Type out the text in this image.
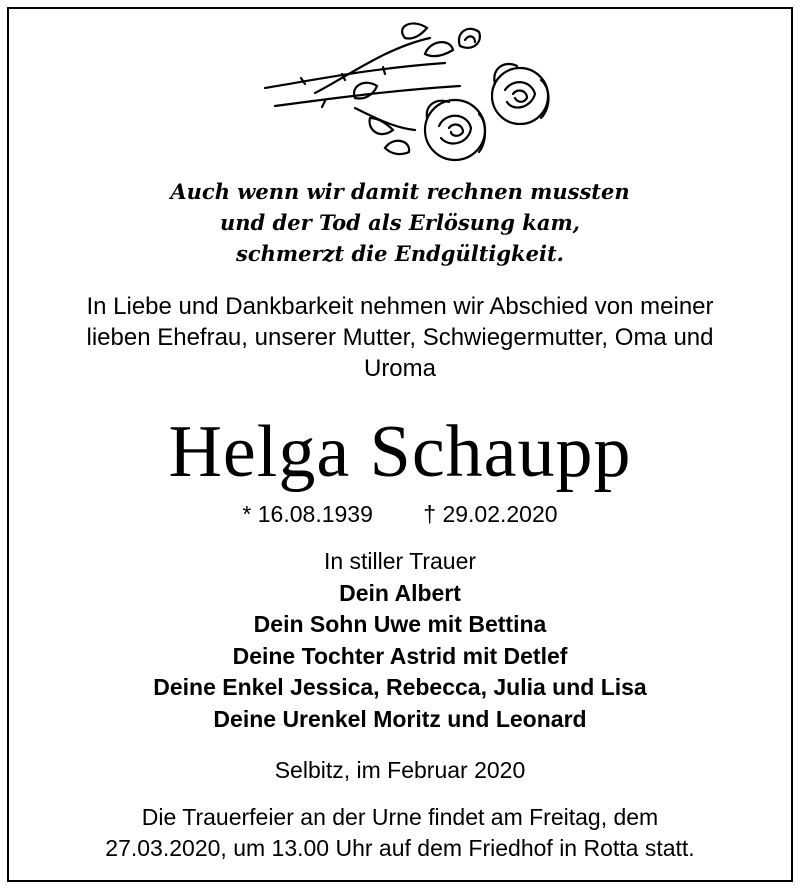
Auch wenn wir damit rechnen mussten
und der Tod als Erlösung kam,
schmerzt die Endgültigkeit.
In Liebe und Dankbarkeit nehmen wir Abschied von meiner
lieben Ehefrau, unserer Mutter, Schwiegermutter, Oma und
Uroma
Helga Schaupp
* 16.08.1939 † 29.02.2020
In stiller Trauer
Dein Albert
Dein Sohn Uwe mit Bettina
Deine Tochter Astrid mit Detlef
Deine Enkel Jessica, Rebecca, Julia und Lisa
Deine Urenkel Moritz und Leonard
Selbitz, im Februar 2020
Die Trauerfeier an der Urne findet am Freitag, dem
27.03.2020, um 13.00 Uhr auf dem Friedhof in Rotta statt.
